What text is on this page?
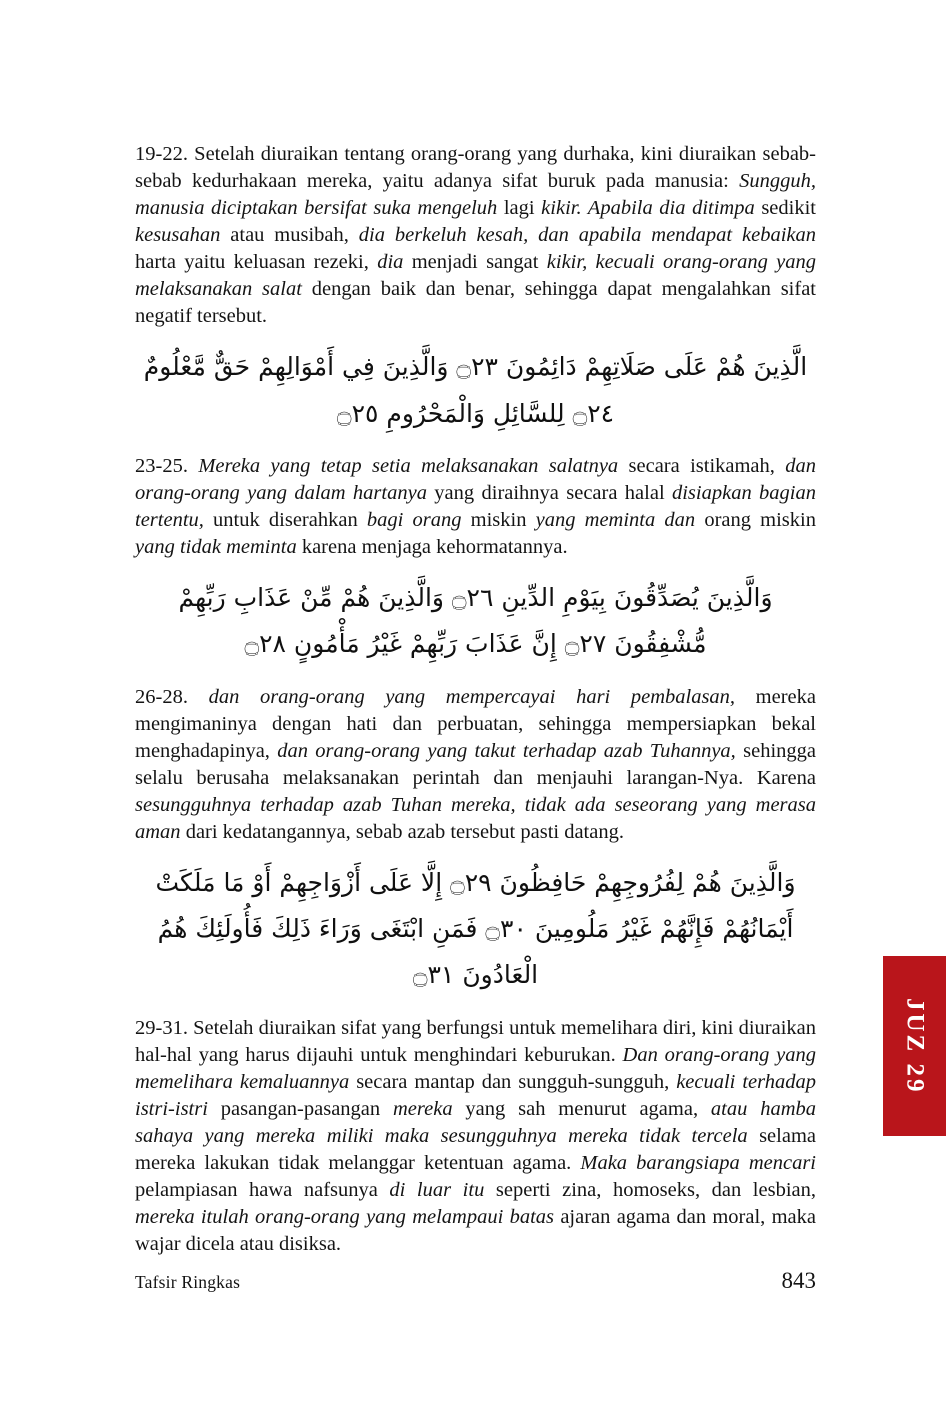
19-22. Setelah diuraikan tentang orang-orang yang durhaka, kini diuraikan sebab-sebab kedurhakaan mereka, yaitu adanya sifat buruk pada manusia: Sungguh, manusia diciptakan bersifat suka mengeluh lagi kikir. Apabila dia ditimpa sedikit kesusahan atau musibah, dia berkeluh kesah, dan apabila mendapat kebaikan harta yaitu keluasan rezeki, dia menjadi sangat kikir, kecuali orang-orang yang melaksanakan salat dengan baik dan benar, sehingga dapat mengalahkan sifat negatif tersebut.
الَّذِينَ هُمْ عَلَى صَلَاتِهِمْ دَائِمُونَ ۝٢٣ وَالَّذِينَ فِي أَمْوَالِهِمْ حَقٌّ مَّعْلُومٌ ۝٢٤ لِلسَّائِلِ وَالْمَحْرُومِ ۝٢٥
23-25. Mereka yang tetap setia melaksanakan salatnya secara istikamah, dan orang-orang yang dalam hartanya yang diraihnya secara halal disiapkan bagian tertentu, untuk diserahkan bagi orang miskin yang meminta dan orang miskin yang tidak meminta karena menjaga kehormatannya.
وَالَّذِينَ يُصَدِّقُونَ بِيَوْمِ الدِّينِ ۝٢٦ وَالَّذِينَ هُمْ مِّنْ عَذَابِ رَبِّهِمْ مُّشْفِقُونَ ۝٢٧ إِنَّ عَذَابَ رَبِّهِمْ غَيْرُ مَأْمُونٍ ۝٢٨
26-28. dan orang-orang yang mempercayai hari pembalasan, mereka mengimaninya dengan hati dan perbuatan, sehingga mempersiapkan bekal menghadapinya, dan orang-orang yang takut terhadap azab Tuhannya, sehingga selalu berusaha melaksanakan perintah dan menjauhi larangan-Nya. Karena sesungguhnya terhadap azab Tuhan mereka, tidak ada seseorang yang merasa aman dari kedatangannya, sebab azab tersebut pasti datang.
وَالَّذِينَ هُمْ لِفُرُوجِهِمْ حَافِظُونَ ۝٢٩ إِلَّا عَلَى أَزْوَاجِهِمْ أَوْ مَا مَلَكَتْ أَيْمَانُهُمْ فَإِنَّهُمْ غَيْرُ مَلُومِينَ ۝٣٠ فَمَنِ ابْتَغَى وَرَاءَ ذَلِكَ فَأُولَئِكَ هُمُ الْعَادُونَ ۝٣١
29-31. Setelah diuraikan sifat yang berfungsi untuk memelihara diri, kini diuraikan hal-hal yang harus dijauhi untuk menghindari keburukan. Dan orang-orang yang memelihara kemaluannya secara mantap dan sungguh-sungguh, kecuali terhadap istri-istri pasangan-pasangan mereka yang sah menurut agama, atau hamba sahaya yang mereka miliki maka sesungguhnya mereka tidak tercela selama mereka lakukan tidak melanggar ketentuan agama. Maka barangsiapa mencari pelampiasan hawa nafsunya di luar itu seperti zina, homoseks, dan lesbian, mereka itulah orang-orang yang melampaui batas ajaran agama dan moral, maka wajar dicela atau disiksa.
Tafsir Ringkas	843
JUZ 29
